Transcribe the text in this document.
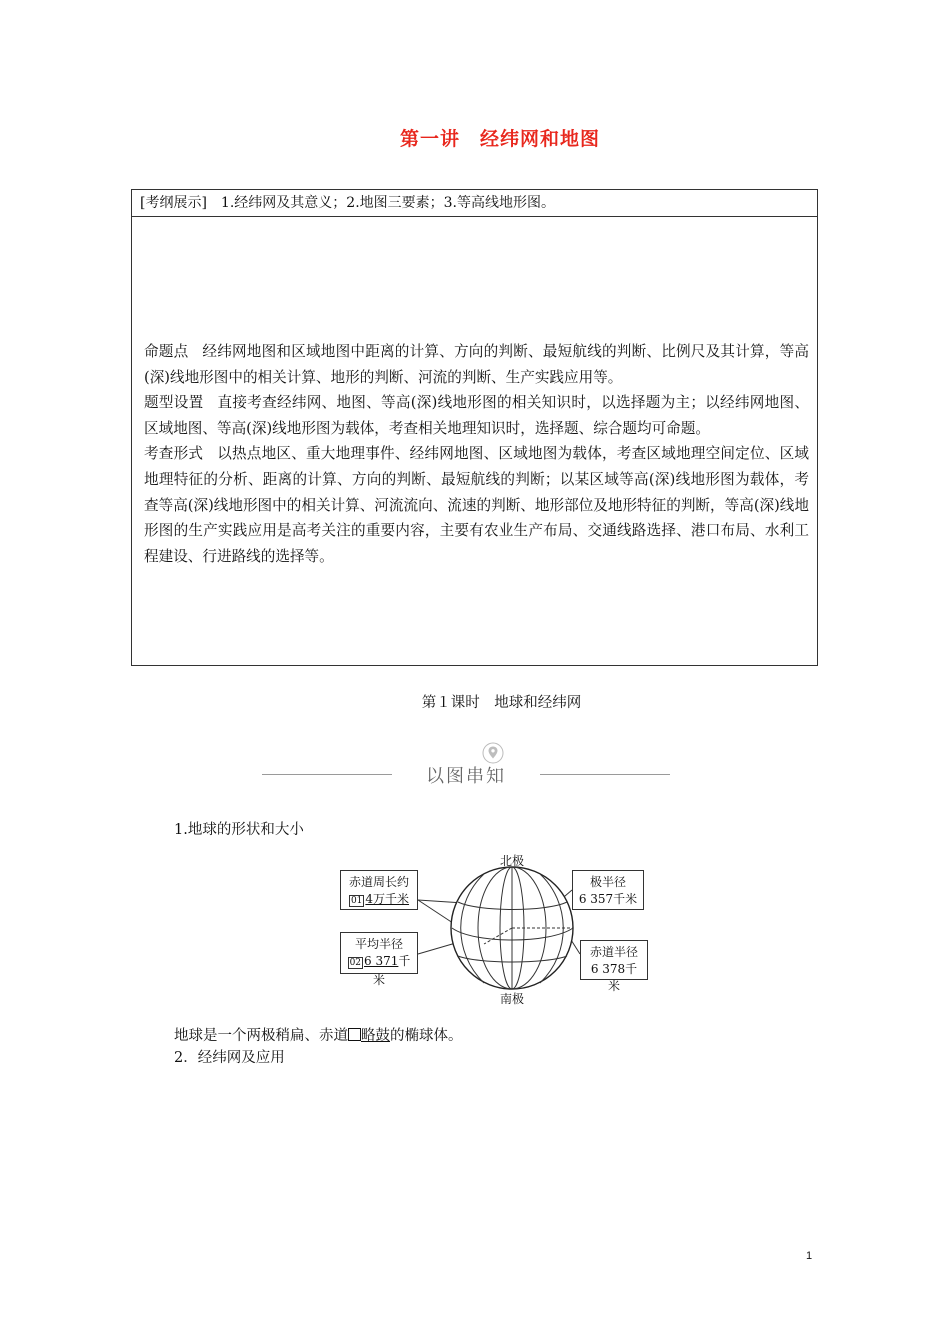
第一讲　经纬网和地图
[考纲展示]　1.经纬网及其意义；2.地图三要素；3.等高线地形图。

命题点 经纬网地图和区域地图中距离的计算、方向的判断、最短航线的判断、比例尺及其计算，等高(深)线地形图中的相关计算、地形的判断、河流的判断、生产实践应用等。

题型设置 直接考查经纬网、地图、等高(深)线地形图的相关知识时，以选择题为主；以经纬网地图、区域地图、等高(深)线地形图为载体，考查相关地理知识时，选择题、综合题均可命题。

考查形式 以热点地区、重大地理事件、经纬网地图、区域地图为载体，考查区域地理空间定位、区域地理特征的分析、距离的计算、方向的判断、最短航线的判断；以某区域等高(深)线地形图为载体，考查等高(深)线地形图中的相关计算、河流流向、流速的判断、地形部位及地形特征的判断，等高(深)线地形图的生产实践应用是高考关注的重要内容，主要有农业生产布局、交通线路选择、港口布局、水利工程建设、行进路线的选择等。

第１课时　地球和经纬网
以图串知
1.地球的形状和大小
北极
南极
赤道周长约
01 4万千米
平均半径
02 6 371千米
极半径
6 357千米
赤道半径
6 378千米
地球是一个两极稍扁、赤道 略鼓的椭球体。
2．经纬网及应用
1
